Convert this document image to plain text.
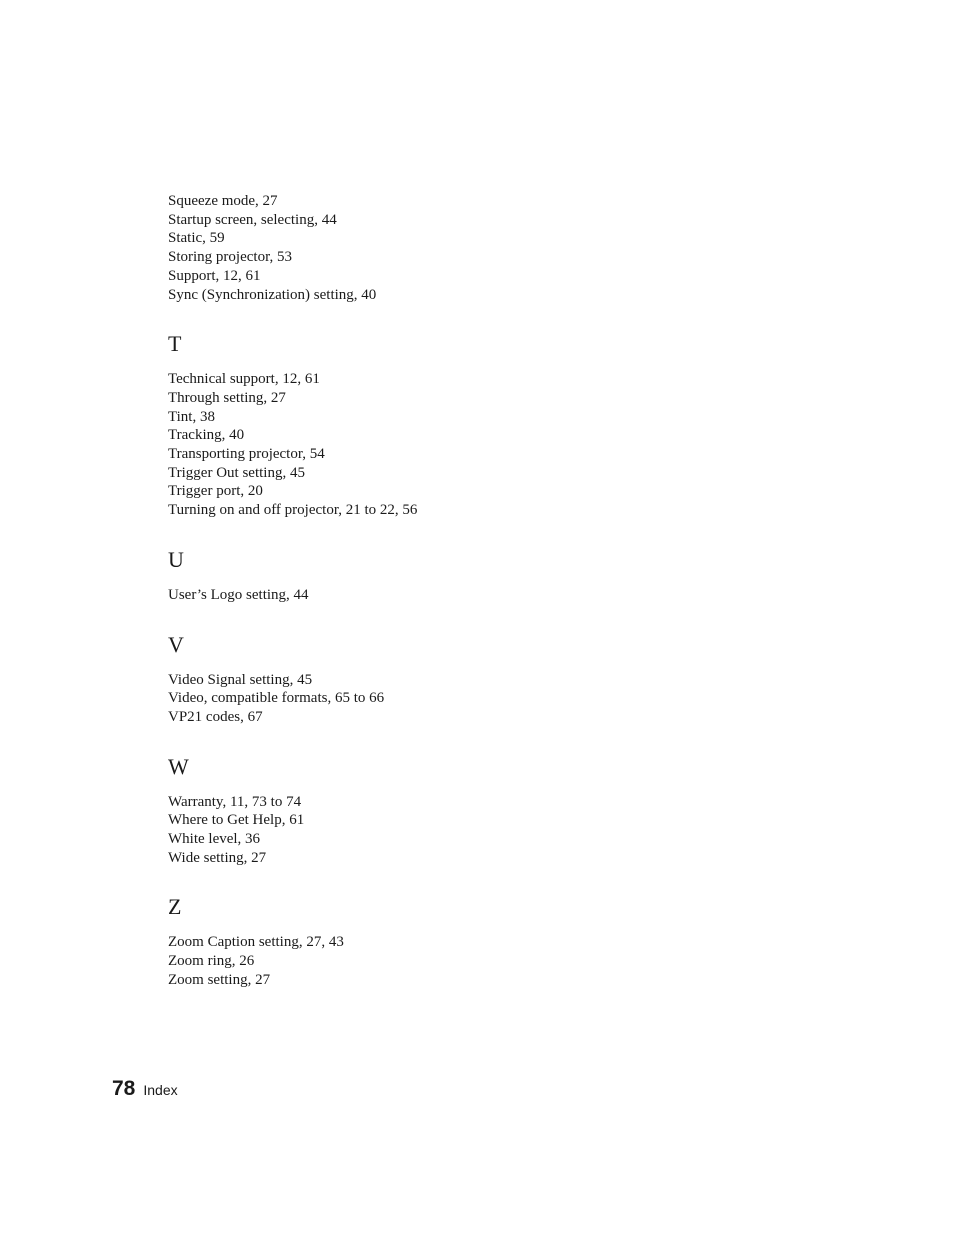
Squeeze mode, 27
Startup screen, selecting, 44
Static, 59
Storing projector, 53
Support, 12, 61
Sync (Synchronization) setting, 40
T
Technical support, 12, 61
Through setting, 27
Tint, 38
Tracking, 40
Transporting projector, 54
Trigger Out setting, 45
Trigger port, 20
Turning on and off projector, 21 to 22, 56
U
User’s Logo setting, 44
V
Video Signal setting, 45
Video, compatible formats, 65 to 66
VP21 codes, 67
W
Warranty, 11, 73 to 74
Where to Get Help, 61
White level, 36
Wide setting, 27
Z
Zoom Caption setting, 27, 43
Zoom ring, 26
Zoom setting, 27
78 Index
